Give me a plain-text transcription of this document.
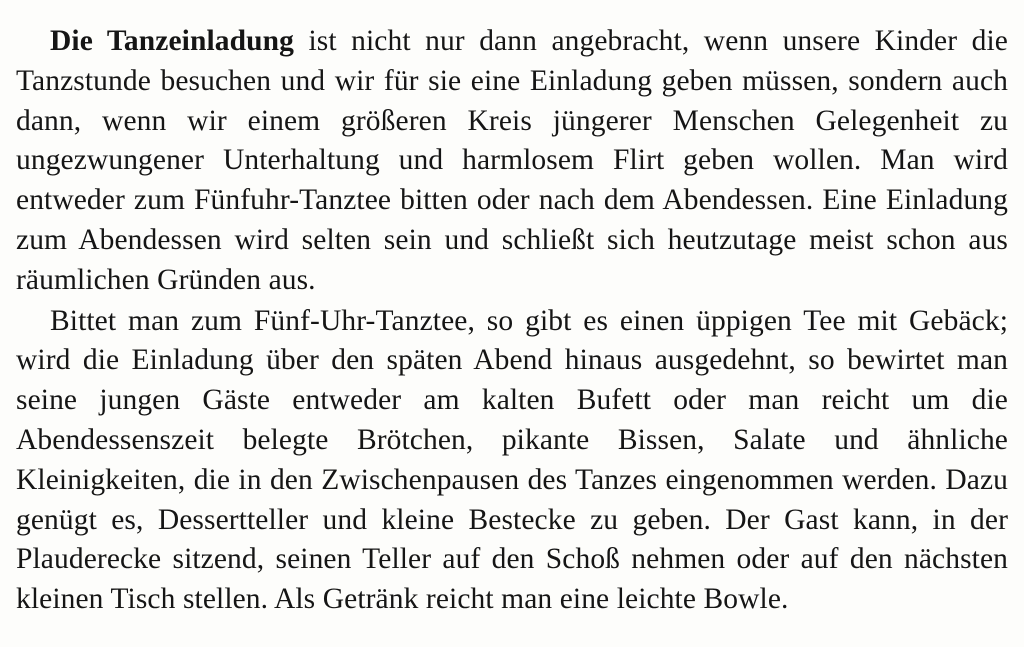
Die Tanzeinladung ist nicht nur dann angebracht, wenn unsere Kinder die Tanzstunde besuchen und wir für sie eine Einladung geben müssen, sondern auch dann, wenn wir einem größeren Kreis jüngerer Menschen Gelegenheit zu ungezwungener Unterhaltung und harmlosem Flirt geben wollen. Man wird entweder zum Fünfuhr-Tanztee bitten oder nach dem Abendessen. Eine Einladung zum Abendessen wird selten sein und schließt sich heutzutage meist schon aus räumlichen Gründen aus.

Bittet man zum Fünf-Uhr-Tanztee, so gibt es einen üppigen Tee mit Gebäck; wird die Einladung über den späten Abend hinaus ausgedehnt, so bewirtet man seine jungen Gäste entweder am kalten Bufett oder man reicht um die Abendessenszeit belegte Brötchen, pikante Bissen, Salate und ähnliche Kleinigkeiten, die in den Zwischenpausen des Tanzes eingenommen werden. Dazu genügt es, Dessertteller und kleine Bestecke zu geben. Der Gast kann, in der Plauderecke sitzend, seinen Teller auf den Schoß nehmen oder auf den nächsten kleinen Tisch stellen. Als Getränk reicht man eine leichte Bowle.
